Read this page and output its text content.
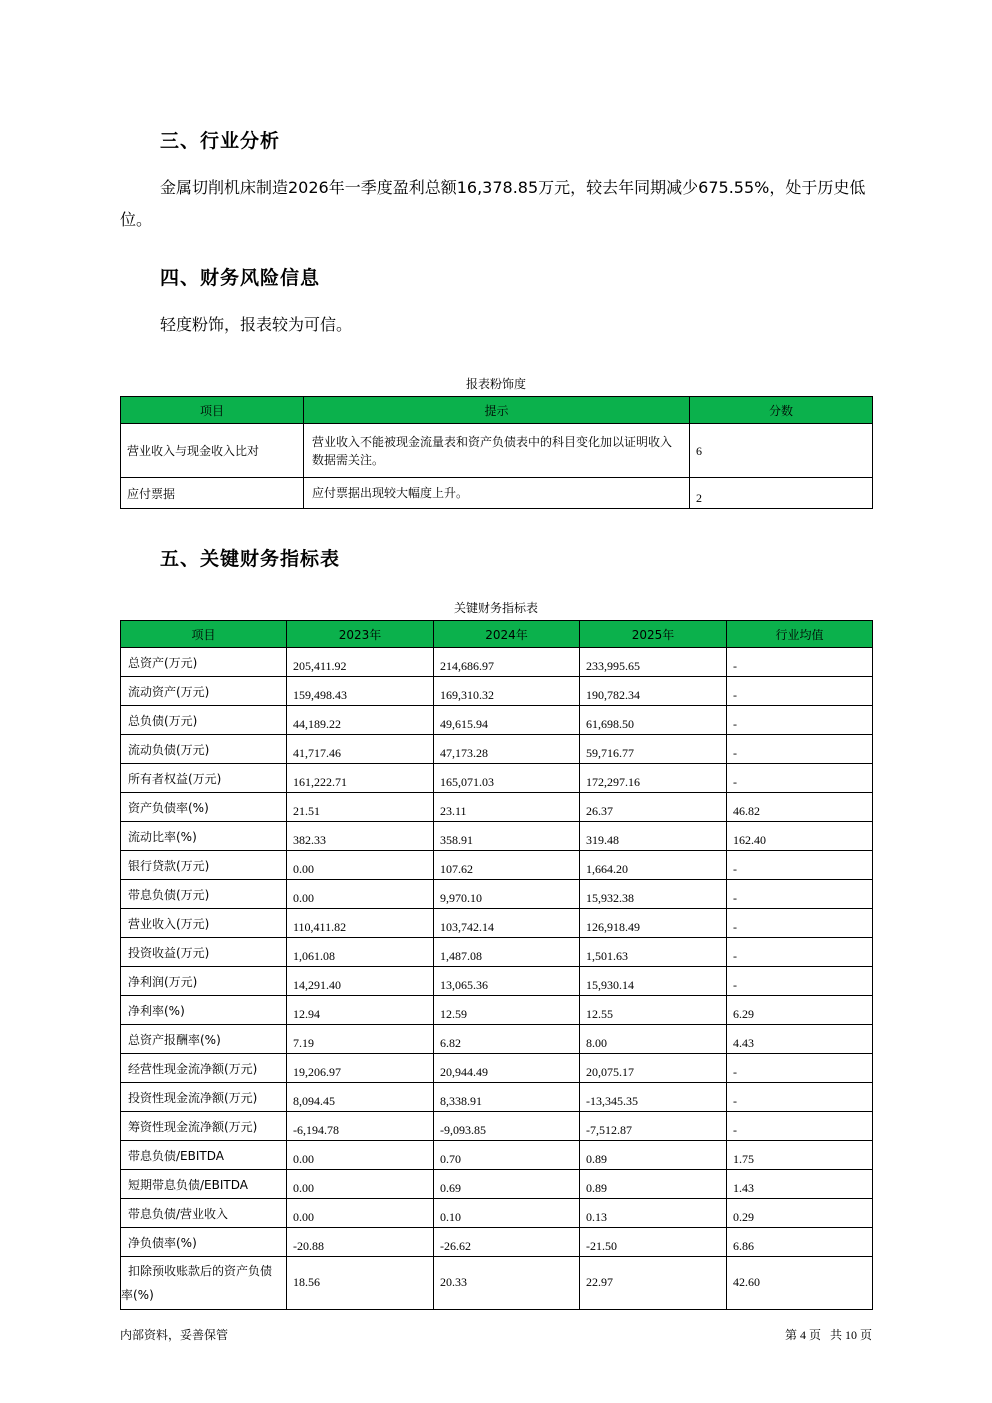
三、行业分析
金属切削机床制造2026年一季度盈利总额16,378.85万元，较去年同期减少675.55%，处于历史低位。
四、财务风险信息
轻度粉饰，报表较为可信。
报表粉饰度
项目	提示	分数
营业收入与现金收入比对	营业收入不能被现金流量表和资产负债表中的科目变化加以证明收入数据需关注。	6
应付票据	应付票据出现较大幅度上升。	2
五、关键财务指标表
关键财务指标表
项目	2023年	2024年	2025年	行业均值
总资产(万元)	205,411.92	214,686.97	233,995.65	-
流动资产(万元)	159,498.43	169,310.32	190,782.34	-
总负债(万元)	44,189.22	49,615.94	61,698.50	-
流动负债(万元)	41,717.46	47,173.28	59,716.77	-
所有者权益(万元)	161,222.71	165,071.03	172,297.16	-
资产负债率(%)	21.51	23.11	26.37	46.82
流动比率(%)	382.33	358.91	319.48	162.40
银行贷款(万元)	0.00	107.62	1,664.20	-
带息负债(万元)	0.00	9,970.10	15,932.38	-
营业收入(万元)	110,411.82	103,742.14	126,918.49	-
投资收益(万元)	1,061.08	1,487.08	1,501.63	-
净利润(万元)	14,291.40	13,065.36	15,930.14	-
净利率(%)	12.94	12.59	12.55	6.29
总资产报酬率(%)	7.19	6.82	8.00	4.43
经营性现金流净额(万元)	19,206.97	20,944.49	20,075.17	-
投资性现金流净额(万元)	8,094.45	8,338.91	-13,345.35	-
筹资性现金流净额(万元)	-6,194.78	-9,093.85	-7,512.87	-
带息负债/EBITDA	0.00	0.70	0.89	1.75
短期带息负债/EBITDA	0.00	0.69	0.89	1.43
带息负债/营业收入	0.00	0.10	0.13	0.29
净负债率(%)	-20.88	-26.62	-21.50	6.86
扣除预收账款后的资产负债率(%)	18.56	20.33	22.97	42.60
内部资料，妥善保管	第 4 页   共 10 页
